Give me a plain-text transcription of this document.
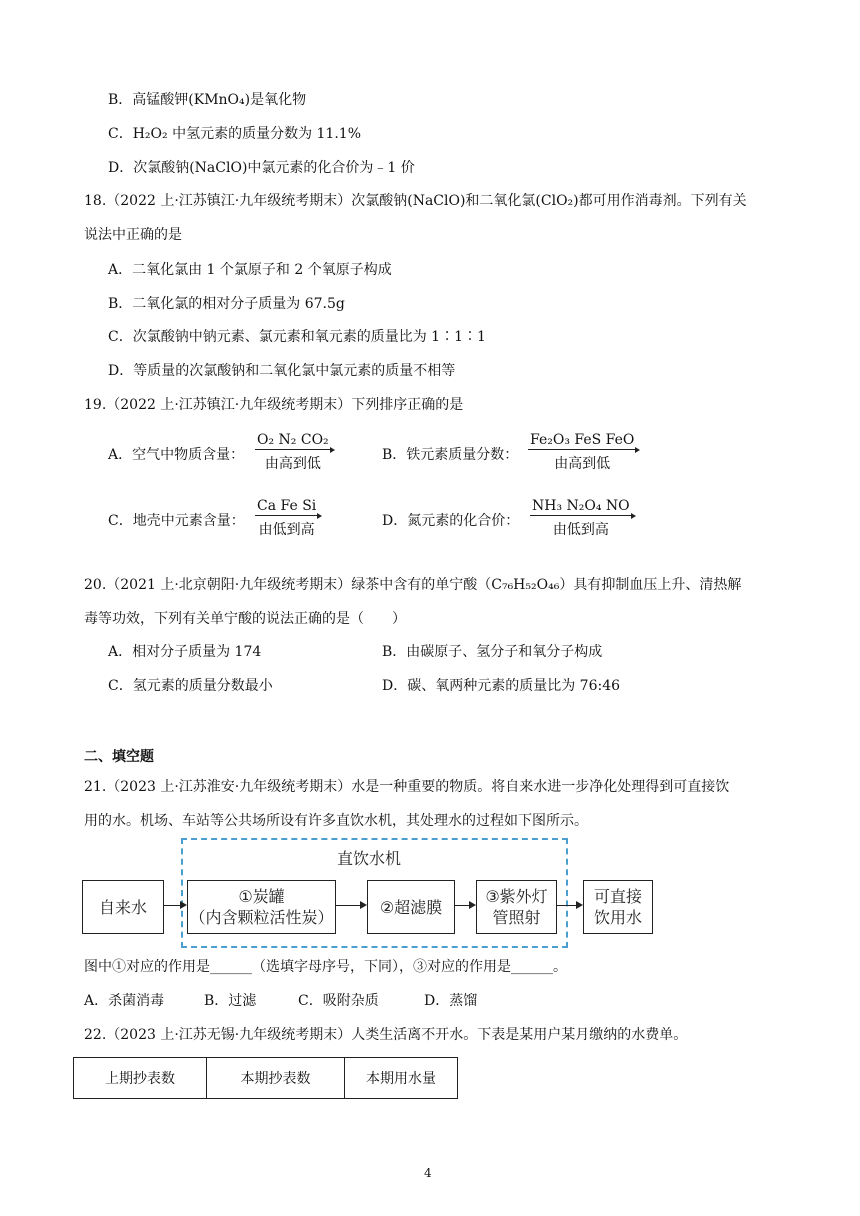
B．高锰酸钾(KMnO₄)是氧化物
C．H₂O₂ 中氢元素的质量分数为 11.1%
D．次氯酸钠(NaClO)中氯元素的化合价为﹣1 价
18.（2022 上·江苏镇江·九年级统考期末）次氯酸钠(NaClO)和二氧化氯(ClO₂)都可用作消毒剂。下列有关
说法中正确的是
A．二氧化氯由 1 个氯原子和 2 个氧原子构成
B．二氧化氯的相对分子质量为 67.5g
C．次氯酸钠中钠元素、氯元素和氧元素的质量比为 1∶1∶1
D．等质量的次氯酸钠和二氧化氯中氯元素的质量不相等
19.（2022 上·江苏镇江·九年级统考期末）下列排序正确的是
A．空气中物质含量：
O₂ N₂ CO₂
由高到低
B．铁元素质量分数：
Fe₂O₃ FeS FeO
由高到低
C．地壳中元素含量：
Ca Fe Si
由低到高
D．氮元素的化合价：
NH₃ N₂O₄ NO
由低到高
20.（2021 上·北京朝阳·九年级统考期末）绿茶中含有的单宁酸（C₇₆H₅₂O₄₆）具有抑制血压上升、清热解
毒等功效，下列有关单宁酸的说法正确的是（　　）
A．相对分子质量为 174	B．由碳原子、氢分子和氧分子构成
C．氢元素的质量分数最小	D．碳、氧两种元素的质量比为 76:46
二、填空题
21.（2023 上·江苏淮安·九年级统考期末）水是一种重要的物质。将自来水进一步净化处理得到可直接饮
用的水。机场、车站等公共场所设有许多直饮水机，其处理水的过程如下图所示。
直饮水机
自来水
①炭罐
（内含颗粒活性炭）
②超滤膜
③紫外灯
管照射
可直接
饮用水
图中①对应的作用是______（选填字母序号，下同），③对应的作用是______。
A．杀菌消毒	B．过滤	C．吸附杂质	D．蒸馏
22.（2023 上·江苏无锡·九年级统考期末）人类生活离不开水。下表是某用户某月缴纳的水费单。
上期抄表数	本期抄表数	本期用水量
4
